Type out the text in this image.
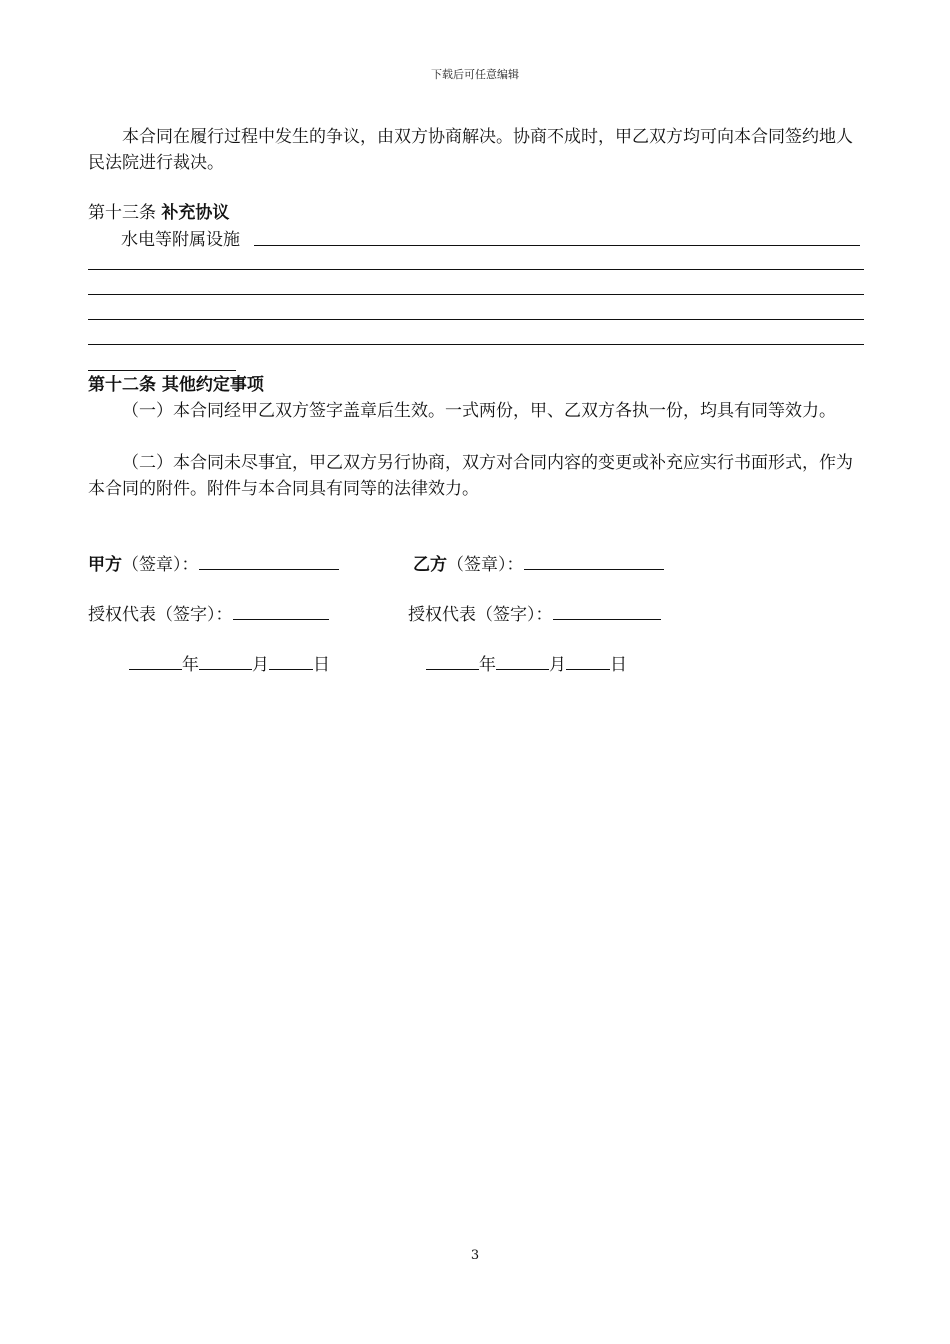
下载后可任意编辑
本合同在履行过程中发生的争议，由双方协商解决。协商不成时，甲乙双方均可向本合同签约地人民法院进行裁决。
第十三条 补充协议
水电等附属设施
第十二条 其他约定事项
（一）本合同经甲乙双方签字盖章后生效。一式两份，甲、乙双方各执一份，均具有同等效力。
（二）本合同未尽事宜，甲乙双方另行协商，双方对合同内容的变更或补充应实行书面形式，作为本合同的附件。附件与本合同具有同等的法律效力。
甲方（签章）：	乙方（签章）：
授权代表（签字）：	授权代表（签字）：
年	月	日	年	月	日
3
